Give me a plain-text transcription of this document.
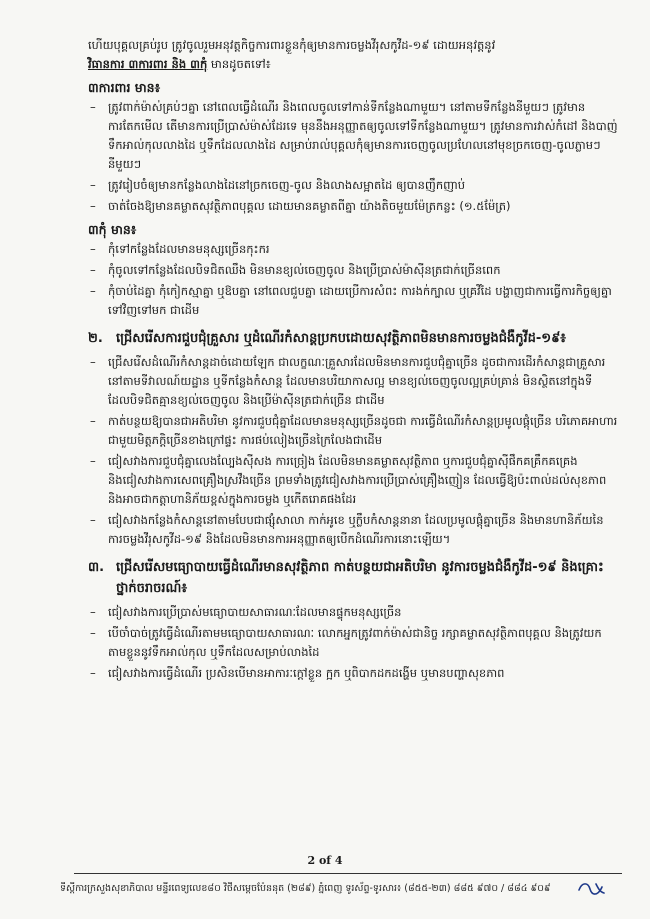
ហើយបុគ្គលគ្រប់រូប ត្រូវចូលរួមអនុវត្តកិច្ចការពារខ្លួនកុំឲ្យមានការចម្លងវីរុសកូវីដ-១៩ ដោយអនុវត្តនូវ

វិធានការ ៣ការពារ និង ៣កុំ មានដូចតទៅ៖

៣ការពារ មាន៖
– ត្រូវពាក់ម៉ាស់គ្រប់ៗគ្នា នៅពេលធ្វើដំណើរ និងពេលចូលទៅកាន់ទីកន្លែងណាមួយ។ នៅតាមទីកន្លែងនីមួយៗ ត្រូវមានការតែកមើល តើមានការប្រើប្រាស់ម៉ាស់ដែរទេ មុននឹងអនុញ្ញាតឲ្យចូលទៅទីកន្លែងណាមួយ។ ត្រូវមានការវាស់កំដៅ និងបាញ់ទឹកអាល់កុលលាងដៃ ឬទឹកដែលលាងដៃ សម្រាប់រាល់បុគ្គលកុំឲ្យមានការចេញចូលប្រហែលនៅមុខច្រកចេញ-ចូលភ្លាមៗនីមួយៗ
– ត្រូវរៀបចំឲ្យមានកន្លែងលាងដៃនៅច្រកចេញ-ចូល និងលាងសម្អាតដៃ ឲ្យបានញឹកញាប់
– ចាត់ចែងឱ្យមានគម្លាតសុវត្ថិភាពបុគ្គល ដោយមានគម្លាតពីគ្នា យ៉ាងតិចមួយម៉ែត្រកន្លះ (១.៥ម៉ែត្រ)
៣កុំ មាន៖
– កុំទៅកន្លែងដែលមានមនុស្សច្រើនកុះករ
– កុំចូលទៅកន្លែងដែលបិទជិតឈឹង មិនមានខ្យល់ចេញចូល និងប្រើប្រាស់ម៉ាស៊ីនត្រជាក់ច្រើនពេក
– កុំចាប់ដៃគ្នា កុំកៀកស្មាគ្នា ឬឱបគ្នា នៅពេលជួបគ្នា ដោយប្រើការសំពះ ការងក់ក្បាល ឬគ្រវីដៃ បង្ហាញជាការធ្វើការកិច្ចឲ្យគ្នាទៅវិញទៅមក ជាដើម
២.	ជ្រើសរើសការជួបជុំគ្រួសារ ឬដំណើរកំសាន្តប្រកបដោយសុវត្ថិភាពមិនមានការចម្លងជំងឺកូវីដ-១៩៖
– ជ្រើសរើសដំណើរកំសាន្តដាច់ដោយឡែក ជាលក្ខណៈគ្រួសារដែលមិនមានការជួបជុំគ្នាច្រើន ដូចជាការដើរកំសាន្តជាគ្រួសារ នៅតាមទីវាលណ៍យដ្ឋាន ឬទីកន្លែងកំសាន្ត ដែលមានបរិយាកាសល្អ មានខ្យល់ចេញចូលល្អគ្រប់គ្រាន់ មិនស្ថិតនៅក្នុងទីដែលបិទជិតគ្មានខ្យល់ចេញចូល និងប្រើម៉ាស៊ីនត្រជាក់ច្រើន ជាដើម
– កាត់បន្ថយឱ្យបានជាអតិបរិមា នូវការជួបជុំគ្នាដែលមានមនុស្សច្រើនដូចជា ការធ្វើដំណើរកំសាន្តប្រមូលផ្តុំច្រើន បរិភោគអាហារជាមួយមិត្តភក្តិច្រើនខាងក្រៅផ្ទះ ការផប់លៀងច្រើនក្រៃលែងជាដើម
– ជៀសវាងការជួបជុំគ្នាលេងល្បែងស៊ីសង ការច្រៀង ដែលមិនមានគម្លាតសុវត្ថិភាព ឬការជួបជុំគ្នាស៊ីផឹកគគ្រឹកគគ្រេង និងជៀសវាងការសេពគ្រឿងស្រវឹងច្រើន ព្រមទាំងត្រូវជៀសវាងការប្រើប្រាស់គ្រឿងញៀន ដែលធ្វើឱ្យប៉ះពាល់ដល់សុខភាព និងអាចជាកត្តាហានិភ័យខ្ពស់ក្នុងការចម្លង ឬកើតរោគផងដែរ
– ជៀសវាងកន្លែងកំសាន្តនៅតាមបែបជាផ្សុំសាលា កាក់អូខេ ឬក្លឹបកំសាន្តនានា ដែលប្រមូលផ្តុំគ្នាច្រើន និងមានហានិភ័យនៃការចម្លងវីរុសកូវីដ-១៩ និងដែលមិនមានការអនុញ្ញាតឲ្យបើកដំណើរការនោះឡើយ។
៣. ជ្រើសរើសមធ្យោបាយធ្វើដំណើរមានសុវត្ថិភាព កាត់បន្ថយជាអតិបរិមា នូវការចម្លងជំងឺកូវីដ-១៩ និងគ្រោះថ្នាក់ចរាចរណ៍៖
– ជៀសវាងការប្រើប្រាស់មធ្យោបាយសាធារណៈដែលមានផ្ទុកមនុស្សច្រើន
– បើចាំបាច់ត្រូវធ្វើដំណើរតាមមធ្យោបាយសាធារណៈ លោកអ្នកត្រូវពាក់ម៉ាស់ជានិច្ច រក្សាគម្លាតសុវត្ថិភាពបុគ្គល និងត្រូវយកតាមខ្លួននូវទឹកអាល់កុល ឬទឹកដែលសម្រាប់លាងដៃ
– ជៀសវាងការធ្វើដំណើរ ប្រសិនបើមានអាការៈក្តៅខ្លួន ក្អក ឬពិបាកដកដង្ហើម ឬមានបញ្ហាសុខភាព
2 of 4
ទីស្តីការក្រសួងសុខាភិបាល មន្ទីរពេទ្យលេខ៨០ វិថីសម្តេចប៉ែននុត (២៨៩) ភ្នំពេញ ទូរស័ព្ទ-ទូរសារ៖ (៨៥៥-២៣) ៨៨៥ ៩៧០ / ៨៨៤ ៩០៩
